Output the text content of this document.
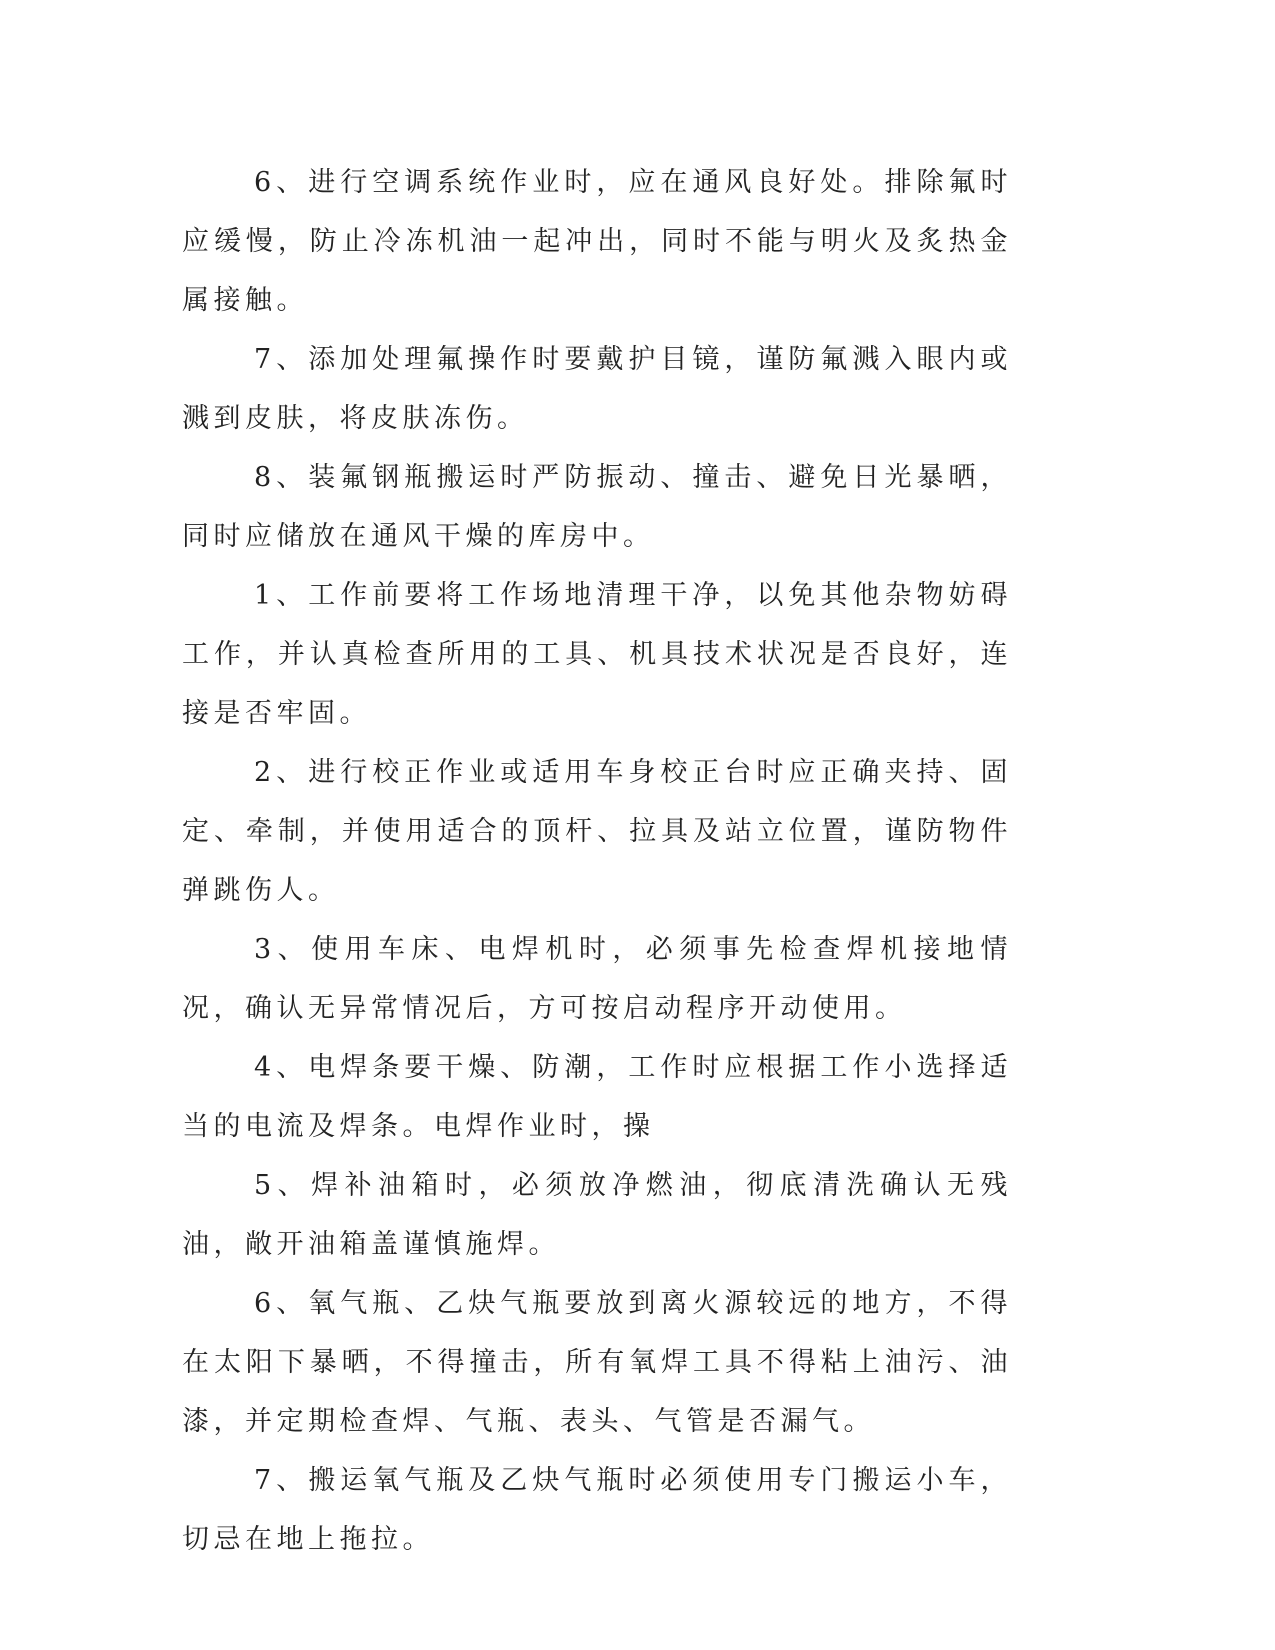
6、进行空调系统作业时，应在通风良好处。排除氟时应缓慢，防止冷冻机油一起冲出，同时不能与明火及炙热金属接触。

7、添加处理氟操作时要戴护目镜，谨防氟溅入眼内或溅到皮肤，将皮肤冻伤。

8、装氟钢瓶搬运时严防振动、撞击、避免日光暴晒，同时应储放在通风干燥的库房中。

1、工作前要将工作场地清理干净，以免其他杂物妨碍工作，并认真检查所用的工具、机具技术状况是否良好，连接是否牢固。

2、进行校正作业或适用车身校正台时应正确夹持、固定、牵制，并使用适合的顶杆、拉具及站立位置，谨防物件弹跳伤人。

3、使用车床、电焊机时，必须事先检查焊机接地情况，确认无异常情况后，方可按启动程序开动使用。

4、电焊条要干燥、防潮，工作时应根据工作小选择适当的电流及焊条。电焊作业时，操

5、焊补油箱时，必须放净燃油，彻底清洗确认无残油，敞开油箱盖谨慎施焊。

6、氧气瓶、乙炔气瓶要放到离火源较远的地方，不得在太阳下暴晒，不得撞击，所有氧焊工具不得粘上油污、油漆，并定期检查焊、气瓶、表头、气管是否漏气。

7、搬运氧气瓶及乙炔气瓶时必须使用专门搬运小车，切忌在地上拖拉。
